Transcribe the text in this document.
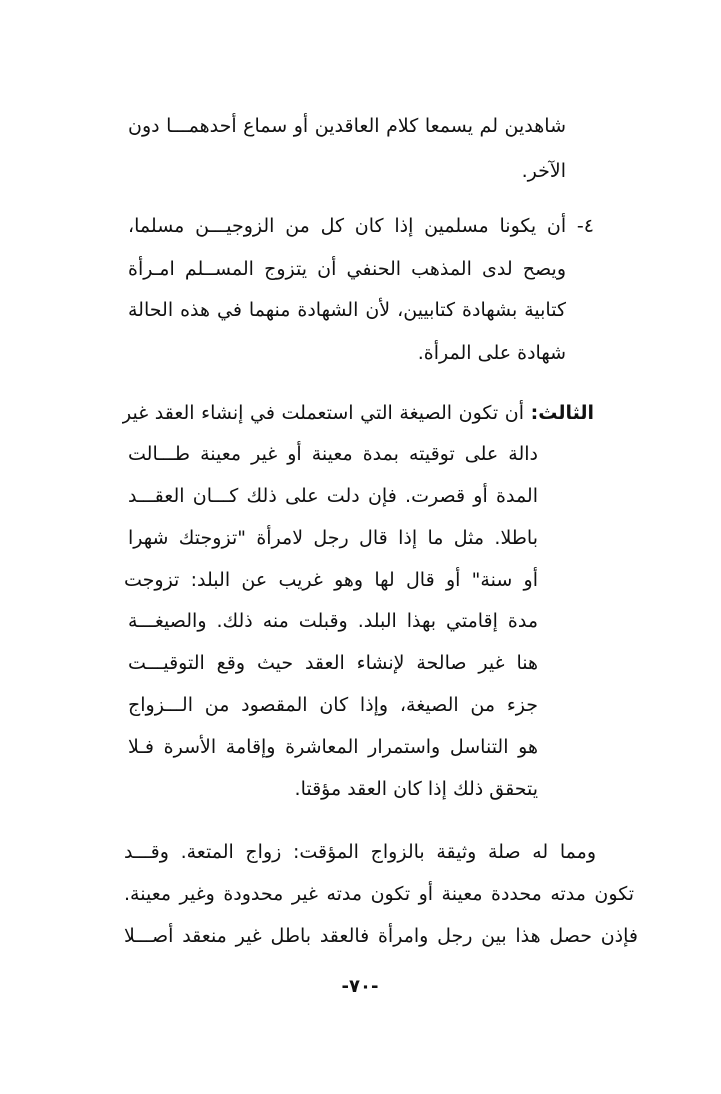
شاهدين لم يسمعا كلام العاقدين أو سماع أحدهمـــا دون
الآخر.
٤- أن يكونا مسلمين إذا كان كل من الزوجيـــن مسلما،
ويصح لدى المذهب الحنفي أن يتزوج المســلم امـرأة
كتابية بشهادة كتابيين، لأن الشهادة منهما في هذه الحالة
شهادة على المرأة.
الثالث: أن تكون الصيغة التي استعملت في إنشاء العقد غير
دالة على توقيته بمدة معينة أو غير معينة طـــالت
المدة أو قصرت. فإن دلت على ذلك كـــان العقـــد
باطلا. مثل ما إذا قال رجل لامرأة "تزوجتك شهرا
أو سنة" أو قال لها وهو غريب عن البلد: تزوجت
مدة إقامتي بهذا البلد. وقبلت منه ذلك. والصيغـــة
هنا غير صالحة لإنشاء العقد حيث وقع التوقيـــت
جزء من الصيغة، وإذا كان المقصود من الـــزواج
هو التناسل واستمرار المعاشرة وإقامة الأسرة فـلا
يتحقق ذلك إذا كان العقد مؤقتا.
ومما له صلة وثيقة بالزواج المؤقت: زواج المتعة. وقـــد
تكون مدته محددة معينة أو تكون مدته غير محدودة وغير معينة.
فإذن حصل هذا بين رجل وامرأة فالعقد باطل غير منعقد أصـــلا
-٧٠-
